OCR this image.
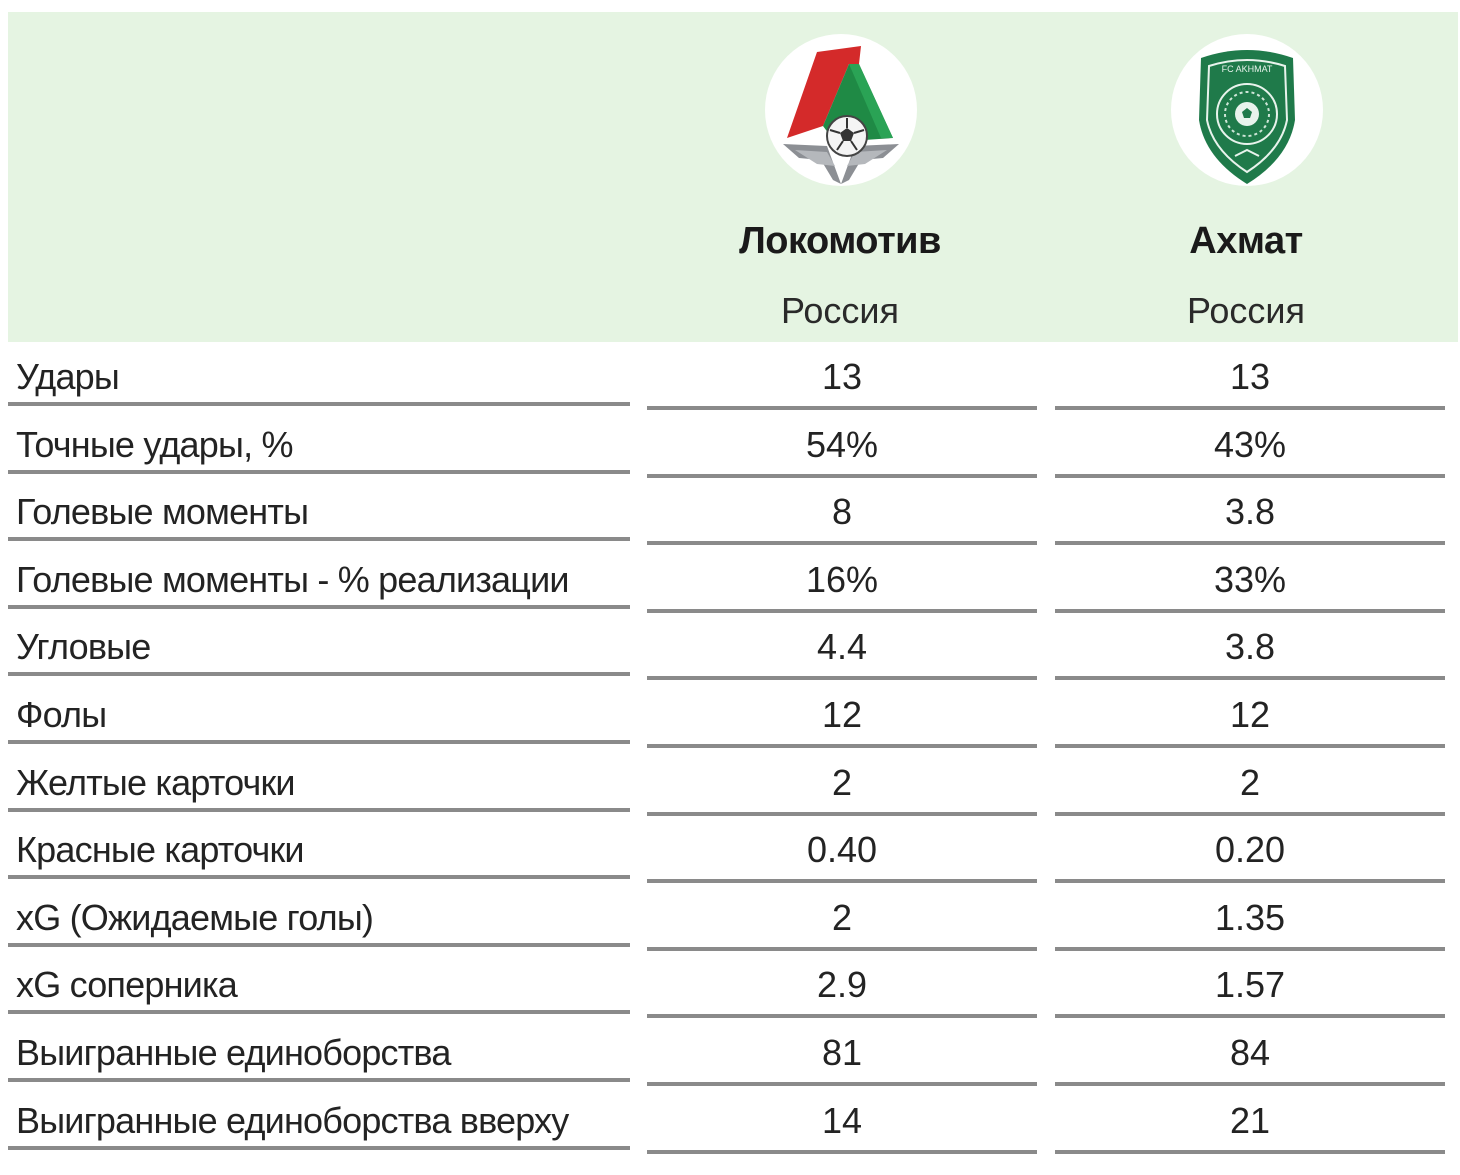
Локомотив
Россия
FC AKHMAT
Ахмат
Россия
Удары	13	13
Точные удары, %	54%	43%
Голевые моменты	8	3.8
Голевые моменты - % реализации	16%	33%
Угловые	4.4	3.8
Фолы	12	12
Желтые карточки	2	2
Красные карточки	0.40	0.20
xG (Ожидаемые голы)	2	1.35
xG соперника	2.9	1.57
Выигранные единоборства	81	84
Выигранные единоборства вверху	14	21
